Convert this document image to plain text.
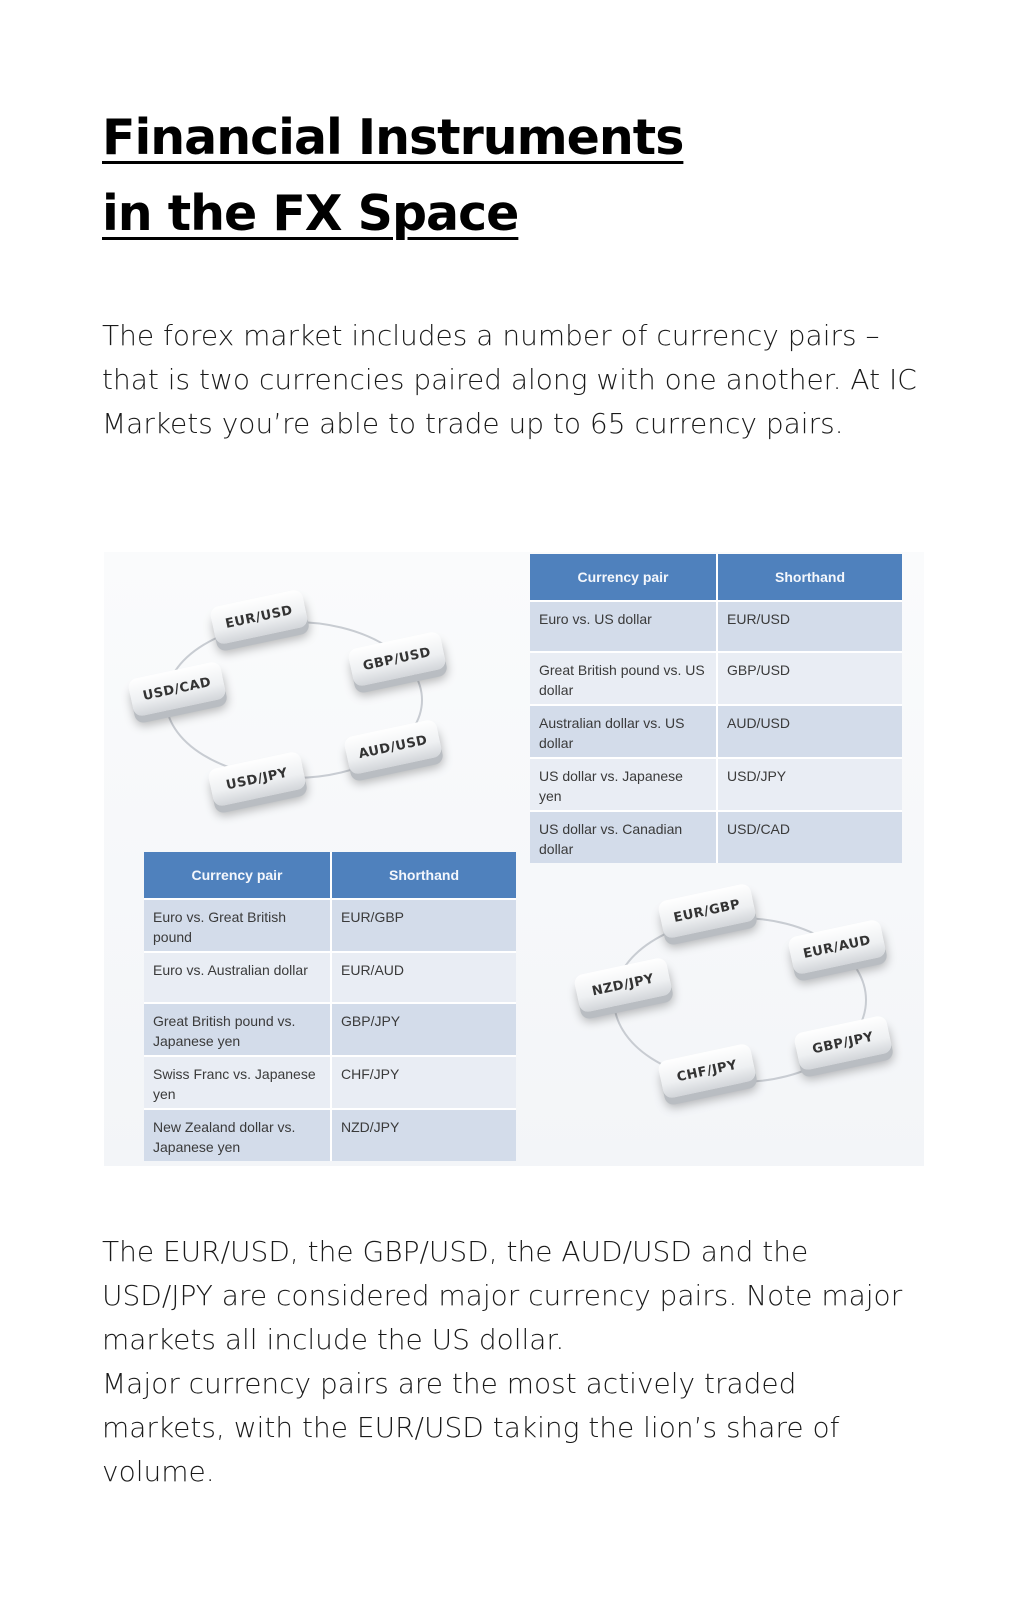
Financial Instruments
in the FX Space

The forex market includes a number of currency pairs – that is two currencies paired along with one another. At IC Markets you’re able to trade up to 65 currency pairs.

EUR/USD
GBP/USD
AUD/USD
USD/JPY
USD/CAD
Currency pair	Shorthand
Euro vs. US dollar	EUR/USD
Great British pound vs. US dollar	GBP/USD
Australian dollar vs. US dollar	AUD/USD
US dollar vs. Japanese yen	USD/JPY
US dollar vs. Canadian dollar	USD/CAD
Currency pair	Shorthand
Euro vs. Great British pound	EUR/GBP
Euro vs. Australian dollar	EUR/AUD
Great British pound vs. Japanese yen	GBP/JPY
Swiss Franc vs. Japanese yen	CHF/JPY
New Zealand dollar vs. Japanese yen	NZD/JPY
EUR/GBP
EUR/AUD
GBP/JPY
CHF/JPY
NZD/JPY
The EUR/USD, the GBP/USD, the AUD/USD and the USD/JPY are considered major currency pairs. Note major markets all include the US dollar.
Major currency pairs are the most actively traded markets, with the EUR/USD taking the lion’s share of volume.
